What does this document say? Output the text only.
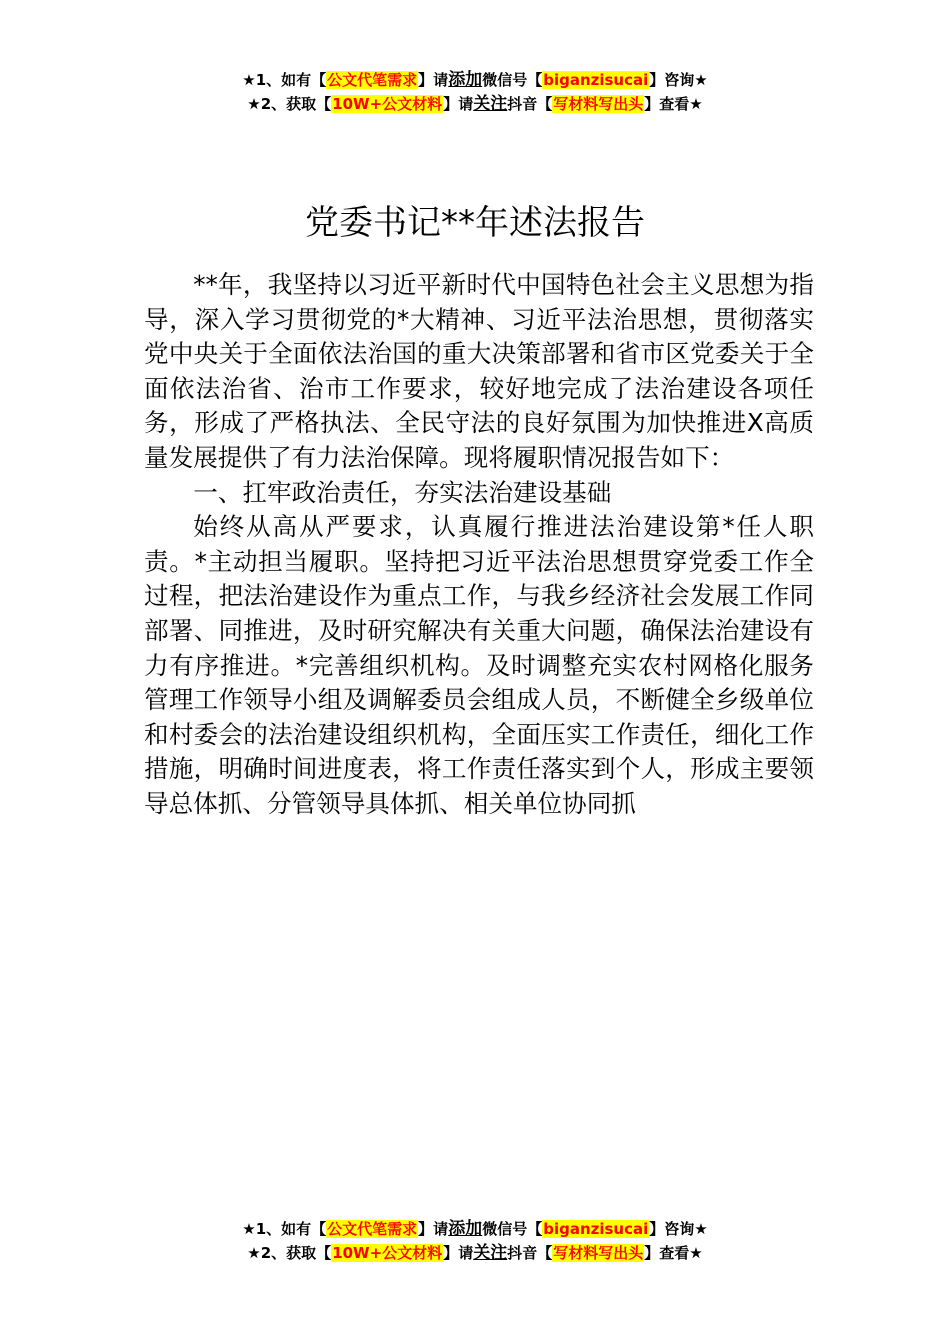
★1、如有【公文代笔需求】请添加微信号【biganzisucai】咨询★
★2、获取【10W+公文材料】请关注抖音【写材料写出头】查看★
党委书记**年述法报告

**年，我坚持以习近平新时代中国特色社会主义思想为指导，深入学习贯彻党的*大精神、习近平法治思想，贯彻落实党中央关于全面依法治国的重大决策部署和省市区党委关于全面依法治省、治市工作要求，较好地完成了法治建设各项任务，形成了严格执法、全民守法的良好氛围为加快推进X高质量发展提供了有力法治保障。现将履职情况报告如下：

一、扛牢政治责任，夯实法治建设基础

始终从高从严要求，认真履行推进法治建设第*任人职责。*主动担当履职。坚持把习近平法治思想贯穿党委工作全过程，把法治建设作为重点工作，与我乡经济社会发展工作同部署、同推进，及时研究解决有关重大问题，确保法治建设有力有序推进。*完善组织机构。及时调整充实农村网格化服务管理工作领导小组及调解委员会组成人员，不断健全乡级单位和村委会的法治建设组织机构，全面压实工作责任，细化工作措施，明确时间进度表，将工作责任落实到个人，形成主要领导总体抓、分管领导具体抓、相关单位协同抓

★1、如有【公文代笔需求】请添加微信号【biganzisucai】咨询★
★2、获取【10W+公文材料】请关注抖音【写材料写出头】查看★
